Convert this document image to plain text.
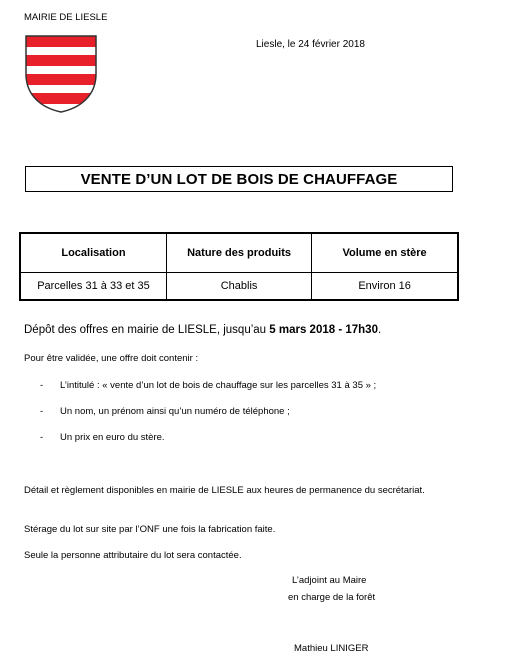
MAIRIE DE LIESLE
Liesle, le 24 février 2018
VENTE D’UN LOT DE BOIS DE CHAUFFAGE
Localisation	Nature des produits	Volume en stère
Parcelles 31 à 33 et 35	Chablis	Environ 16
Dépôt des offres en mairie de LIESLE, jusqu’au 5 mars 2018 - 17h30.
Pour être validée, une offre doit contenir :
- L’intitulé : « vente d’un lot de bois de chauffage sur les parcelles 31 à 35 » ;
- Un nom, un prénom ainsi qu’un numéro de téléphone ;
- Un prix en euro du stère.
Détail et règlement disponibles en mairie de LIESLE aux heures de permanence du secrétariat.
Stérage du lot sur site par l’ONF une fois la fabrication faite.
Seule la personne attributaire du lot sera contactée.
L’adjoint au Maire
en charge de la forêt
Mathieu LINIGER
